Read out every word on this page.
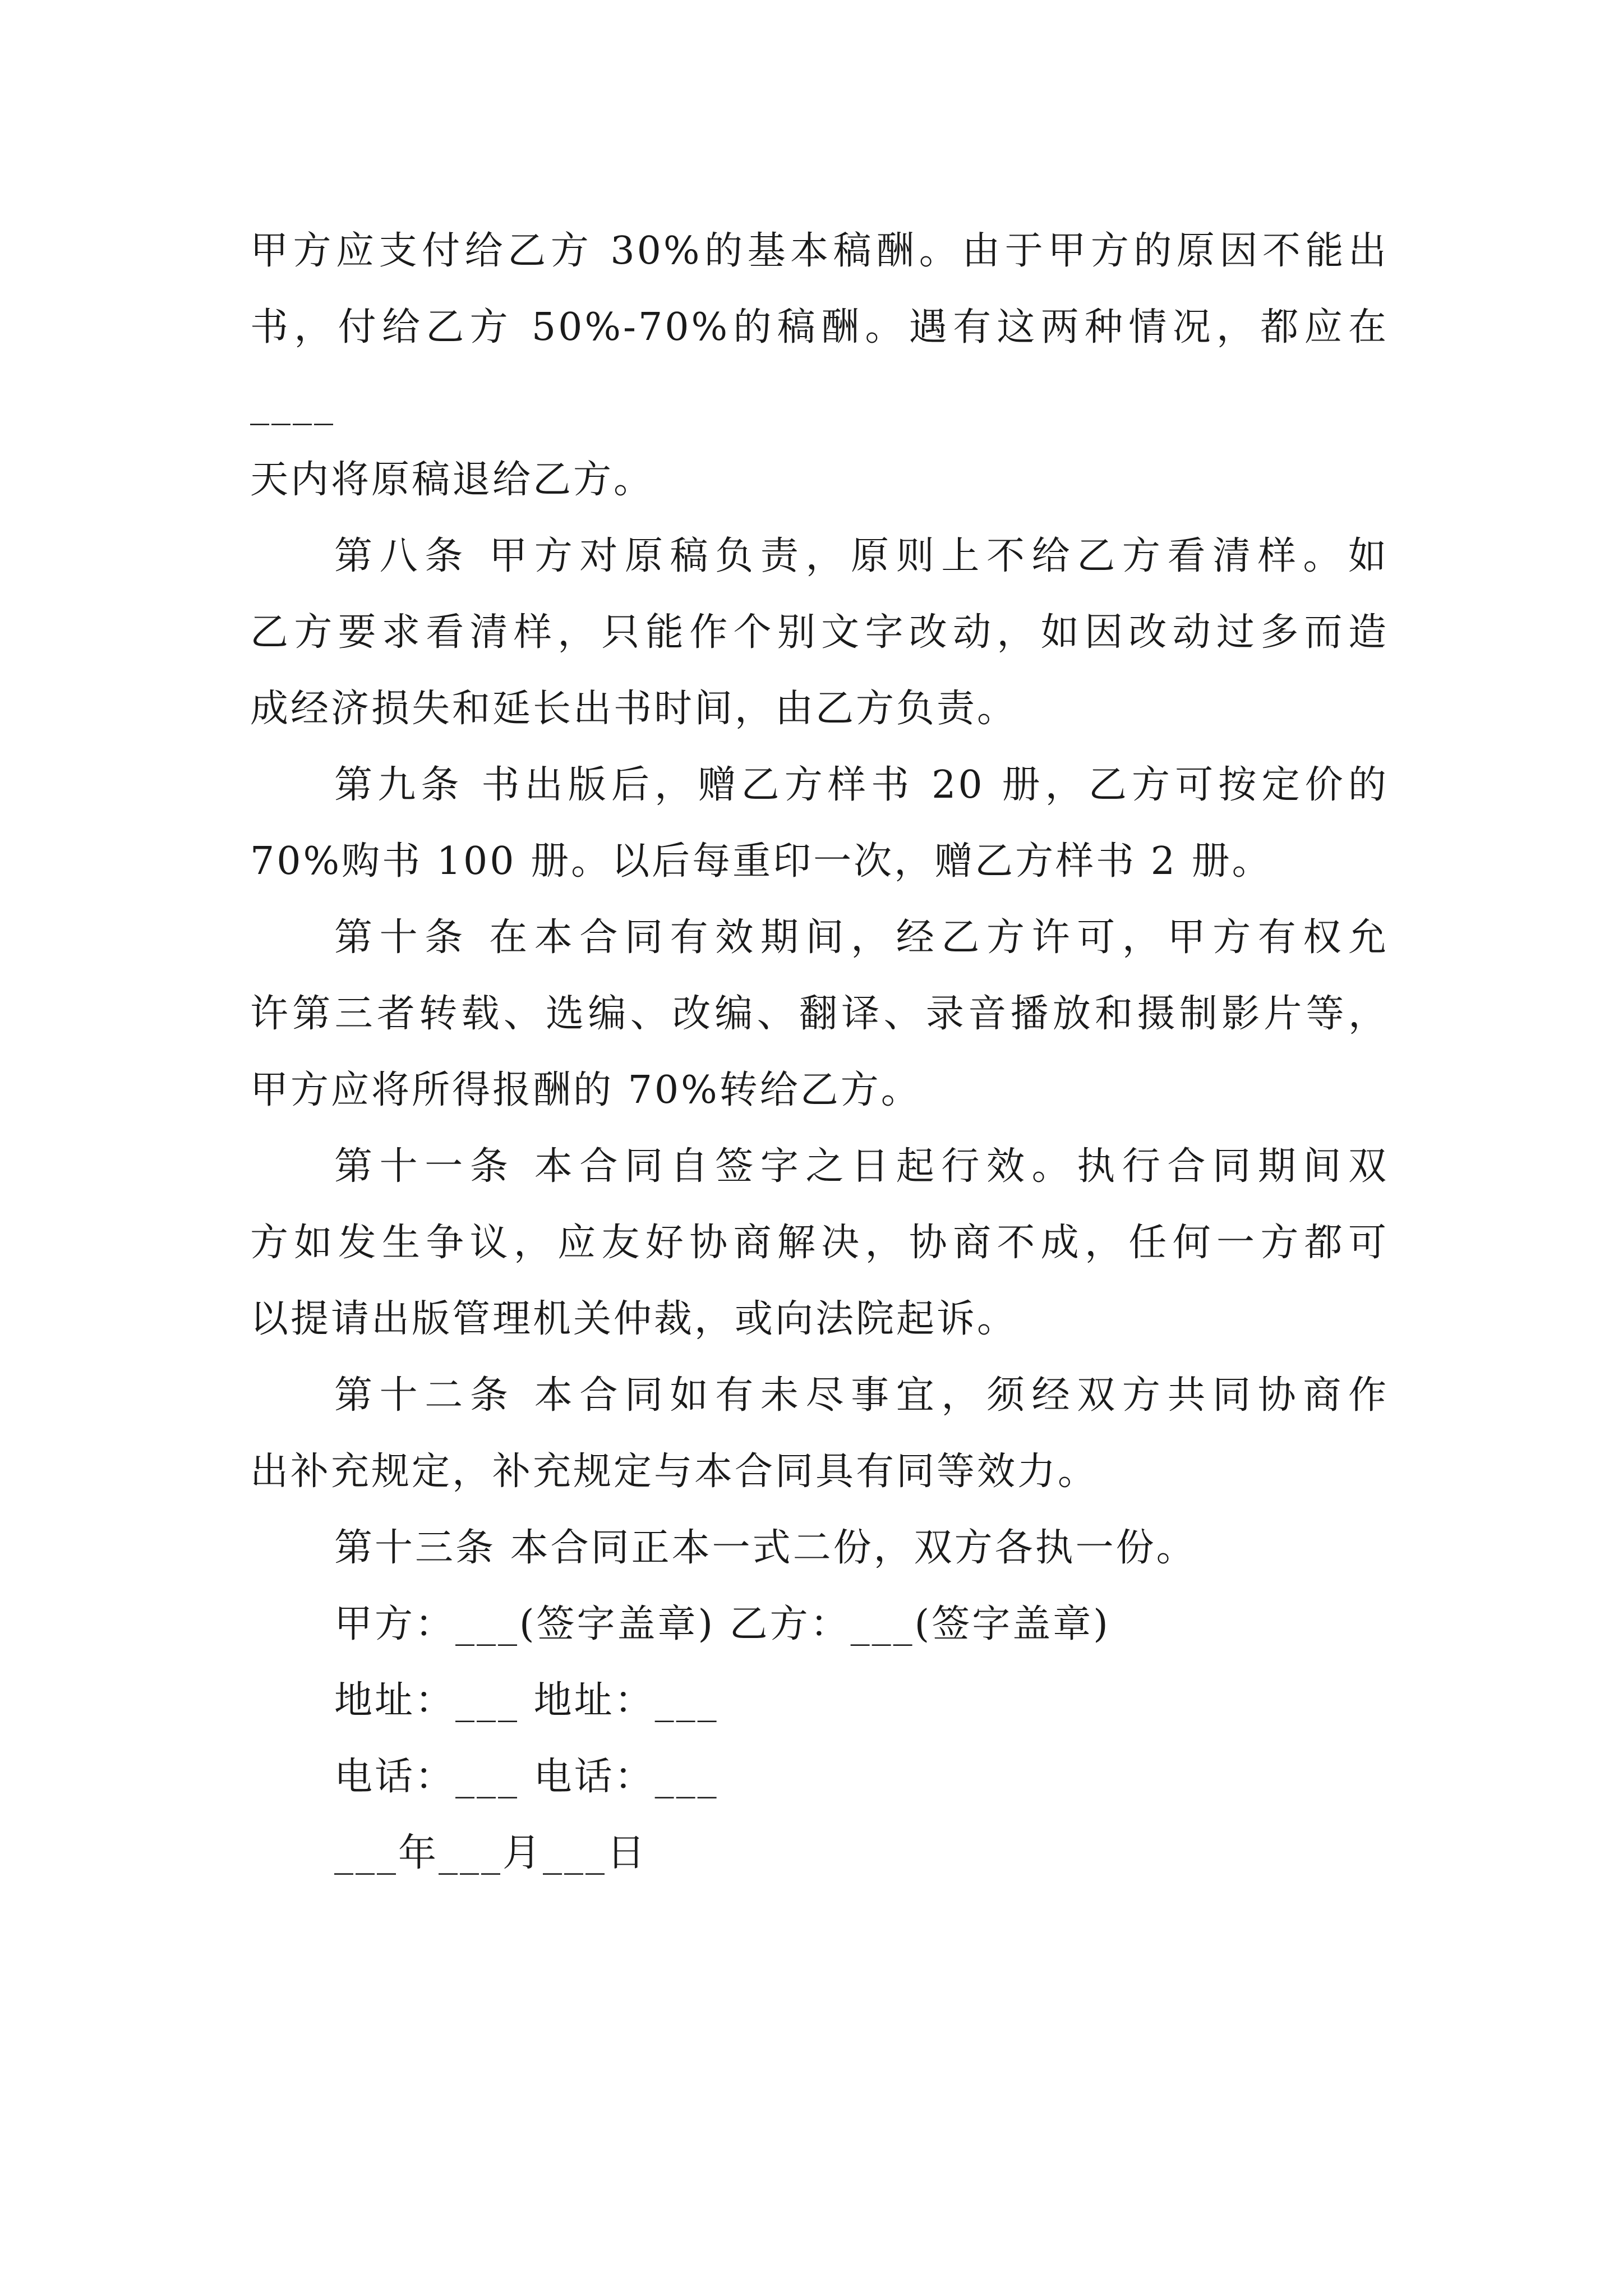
甲方应支付给乙方 30%的基本稿酬。由于甲方的原因不能出
书，付给乙方 50%-70%的稿酬。遇有这两种情况，都应在____
天内将原稿退给乙方。
第八条 甲方对原稿负责，原则上不给乙方看清样。如
乙方要求看清样，只能作个别文字改动，如因改动过多而造
成经济损失和延长出书时间，由乙方负责。
第九条 书出版后，赠乙方样书 20 册，乙方可按定价的
70%购书 100 册。以后每重印一次，赠乙方样书 2 册。
第十条 在本合同有效期间，经乙方许可，甲方有权允
许第三者转载、选编、改编、翻译、录音播放和摄制影片等，
甲方应将所得报酬的 70%转给乙方。
第十一条 本合同自签字之日起行效。执行合同期间双
方如发生争议，应友好协商解决，协商不成，任何一方都可
以提请出版管理机关仲裁，或向法院起诉。
第十二条 本合同如有未尽事宜，须经双方共同协商作
出补充规定，补充规定与本合同具有同等效力。
第十三条 本合同正本一式二份，双方各执一份。
甲方：___(签字盖章) 乙方：___(签字盖章)
地址：___ 地址：___
电话：___ 电话：___
___年___月___日
